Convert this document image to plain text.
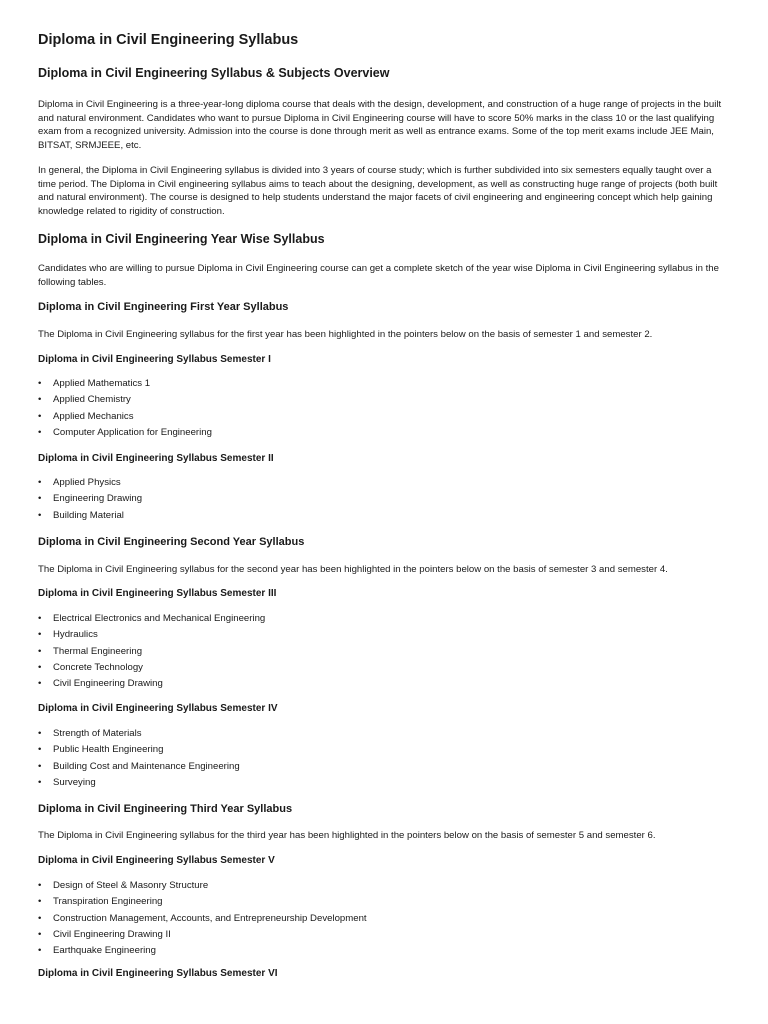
Diploma in Civil Engineering Syllabus
Diploma in Civil Engineering Syllabus & Subjects Overview

Diploma in Civil Engineering is a three-year-long diploma course that deals with the design, development, and construction of a huge range of projects in the built and natural environment. Candidates who want to pursue Diploma in Civil Engineering course will have to score 50% marks in the class 10 or the last qualifying exam from a recognized university. Admission into the course is done through merit as well as entrance exams. Some of the top merit exams include JEE Main, BITSAT, SRMJEEE, etc.

In general, the Diploma in Civil Engineering syllabus is divided into 3 years of course study; which is further subdivided into six semesters equally taught over a time period. The Diploma in Civil engineering syllabus aims to teach about the designing, development, as well as constructing huge range of projects (both built and natural environment). The course is designed to help students understand the major facets of civil engineering and engineering concept which help gaining knowledge related to rigidity of construction.

Diploma in Civil Engineering Year Wise Syllabus

Candidates who are willing to pursue Diploma in Civil Engineering course can get a complete sketch of the year wise Diploma in Civil Engineering syllabus in the following tables.

Diploma in Civil Engineering First Year Syllabus

The Diploma in Civil Engineering syllabus for the first year has been highlighted in the pointers below on the basis of semester 1 and semester 2.

Diploma in Civil Engineering Syllabus Semester I
• Applied Mathematics 1
• Applied Chemistry
• Applied Mechanics
• Computer Application for Engineering
Diploma in Civil Engineering Syllabus Semester II
• Applied Physics
• Engineering Drawing
• Building Material
Diploma in Civil Engineering Second Year Syllabus

The Diploma in Civil Engineering syllabus for the second year has been highlighted in the pointers below on the basis of semester 3 and semester 4.

Diploma in Civil Engineering Syllabus Semester III
• Electrical Electronics and Mechanical Engineering
• Hydraulics
• Thermal Engineering
• Concrete Technology
• Civil Engineering Drawing
Diploma in Civil Engineering Syllabus Semester IV
• Strength of Materials
• Public Health Engineering
• Building Cost and Maintenance Engineering
• Surveying
Diploma in Civil Engineering Third Year Syllabus

The Diploma in Civil Engineering syllabus for the third year has been highlighted in the pointers below on the basis of semester 5 and semester 6.

Diploma in Civil Engineering Syllabus Semester V
• Design of Steel & Masonry Structure
• Transpiration Engineering
• Construction Management, Accounts, and Entrepreneurship Development
• Civil Engineering Drawing II
• Earthquake Engineering
Diploma in Civil Engineering Syllabus Semester VI
